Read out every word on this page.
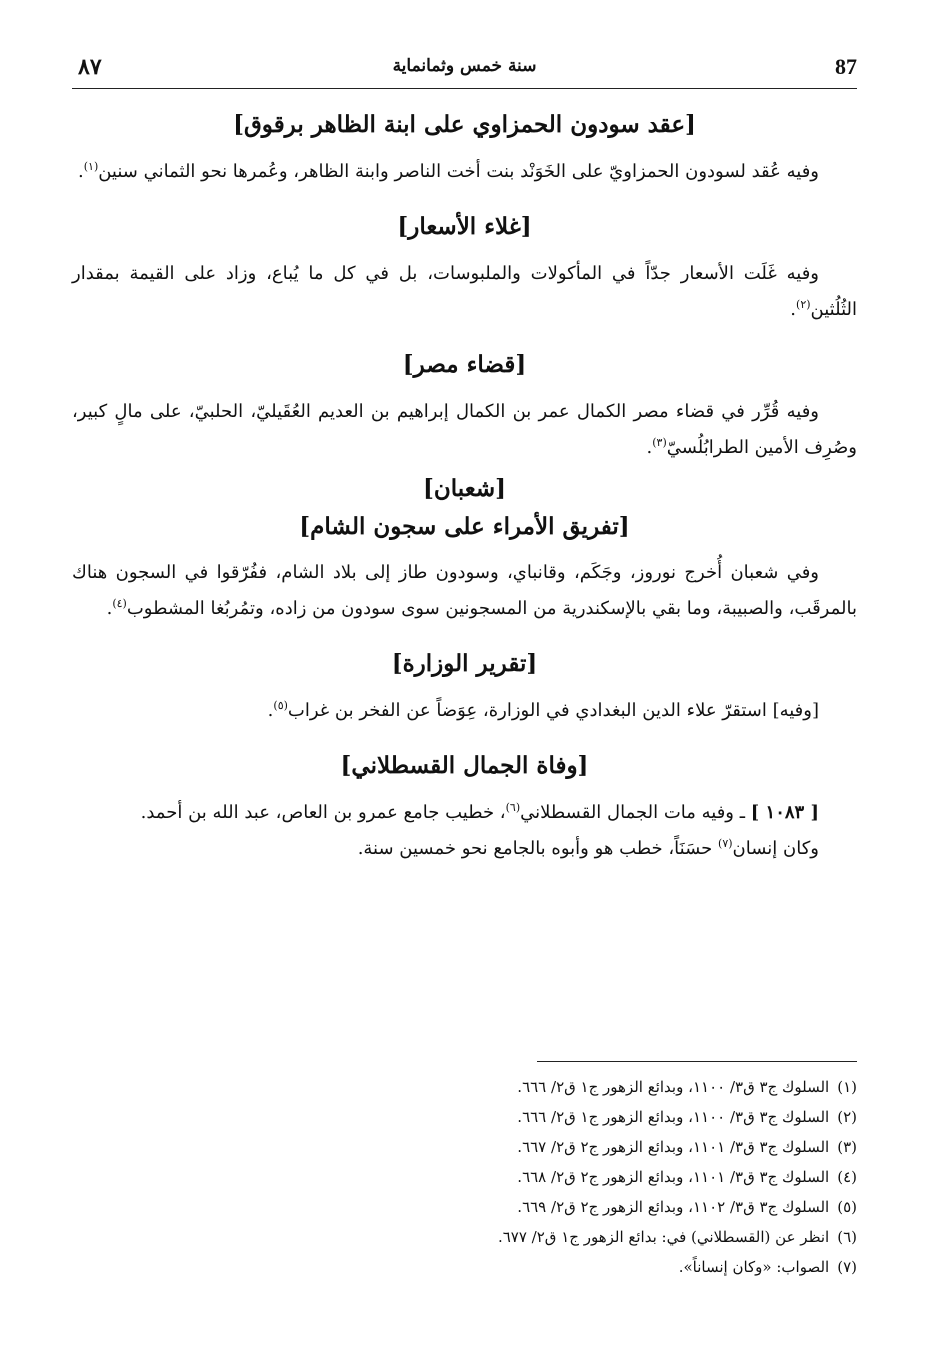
87
سنة خمس وثمانماية
٨٧
[عقد سودون الحمزاوي على ابنة الظاهر برقوق]

وفيه عُقد لسودون الحمزاويّ على الخَوَنْد بنت أخت الناصر وابنة الظاهر، وعُمرها نحو الثماني سنين$^{(١)}$.

[غلاء الأسعار]

وفيه غَلَت الأسعار جدّاً في المأكولات والملبوسات، بل في كل ما يُباع، وزاد على القيمة بمقدار الثُلُثين$^{(٢)}$.

[قضاء مصر]

وفيه قُرِّر في قضاء مصر الكمال عمر بن الكمال إبراهيم بن العديم العُقَيليّ، الحلبيّ، على مالٍ كبير، وصُرِف الأمين الطرابُلُسيّ$^{(٣)}$.

[شعبان]
[تفريق الأمراء على سجون الشام]

وفي شعبان أُخرج نوروز، وجَكَم، وقانباي، وسودون طاز إلى بلاد الشام، ففُرّقوا في السجون هناك بالمرقَب، والصبيبة، وما بقي بالإسكندرية من المسجونين سوى سودون من زاده، وتمُربُغا المشطوب$^{(٤)}$.

[تقرير الوزارة]

[وفيه] استقرّ علاء الدين البغدادي في الوزارة، عِوَضاً عن الفخر بن غراب$^{(٥)}$.

[وفاة الجمال القسطلاني]

[ ١٠٨٣ ] ـ وفيه مات الجمال القسطلاني$^{(٦)}$، خطيب جامع عمرو بن العاص، عبد الله بن أحمد.

وكان إنسان$^{(٧)}$ حسَنَاً، خطب هو وأبوه بالجامع نحو خمسين سنة.

(١)السلوك ج٣ ق٣/ ١١٠٠، وبدائع الزهور ج١ ق٢/ ٦٦٦.

(٢)السلوك ج٣ ق٣/ ١١٠٠، وبدائع الزهور ج١ ق٢/ ٦٦٦.

(٣)السلوك ج٣ ق٣/ ١١٠١، وبدائع الزهور ج٢ ق٢/ ٦٦٧.

(٤)السلوك ج٣ ق٣/ ١١٠١، وبدائع الزهور ج٢ ق٢/ ٦٦٨.

(٥)السلوك ج٣ ق٣/ ١١٠٢، وبدائع الزهور ج٢ ق٢/ ٦٦٩.

(٦)انظر عن (القسطلاني) في: بدائع الزهور ج١ ق٢/ ٦٧٧.

(٧)الصواب: «وكان إنساناً».
